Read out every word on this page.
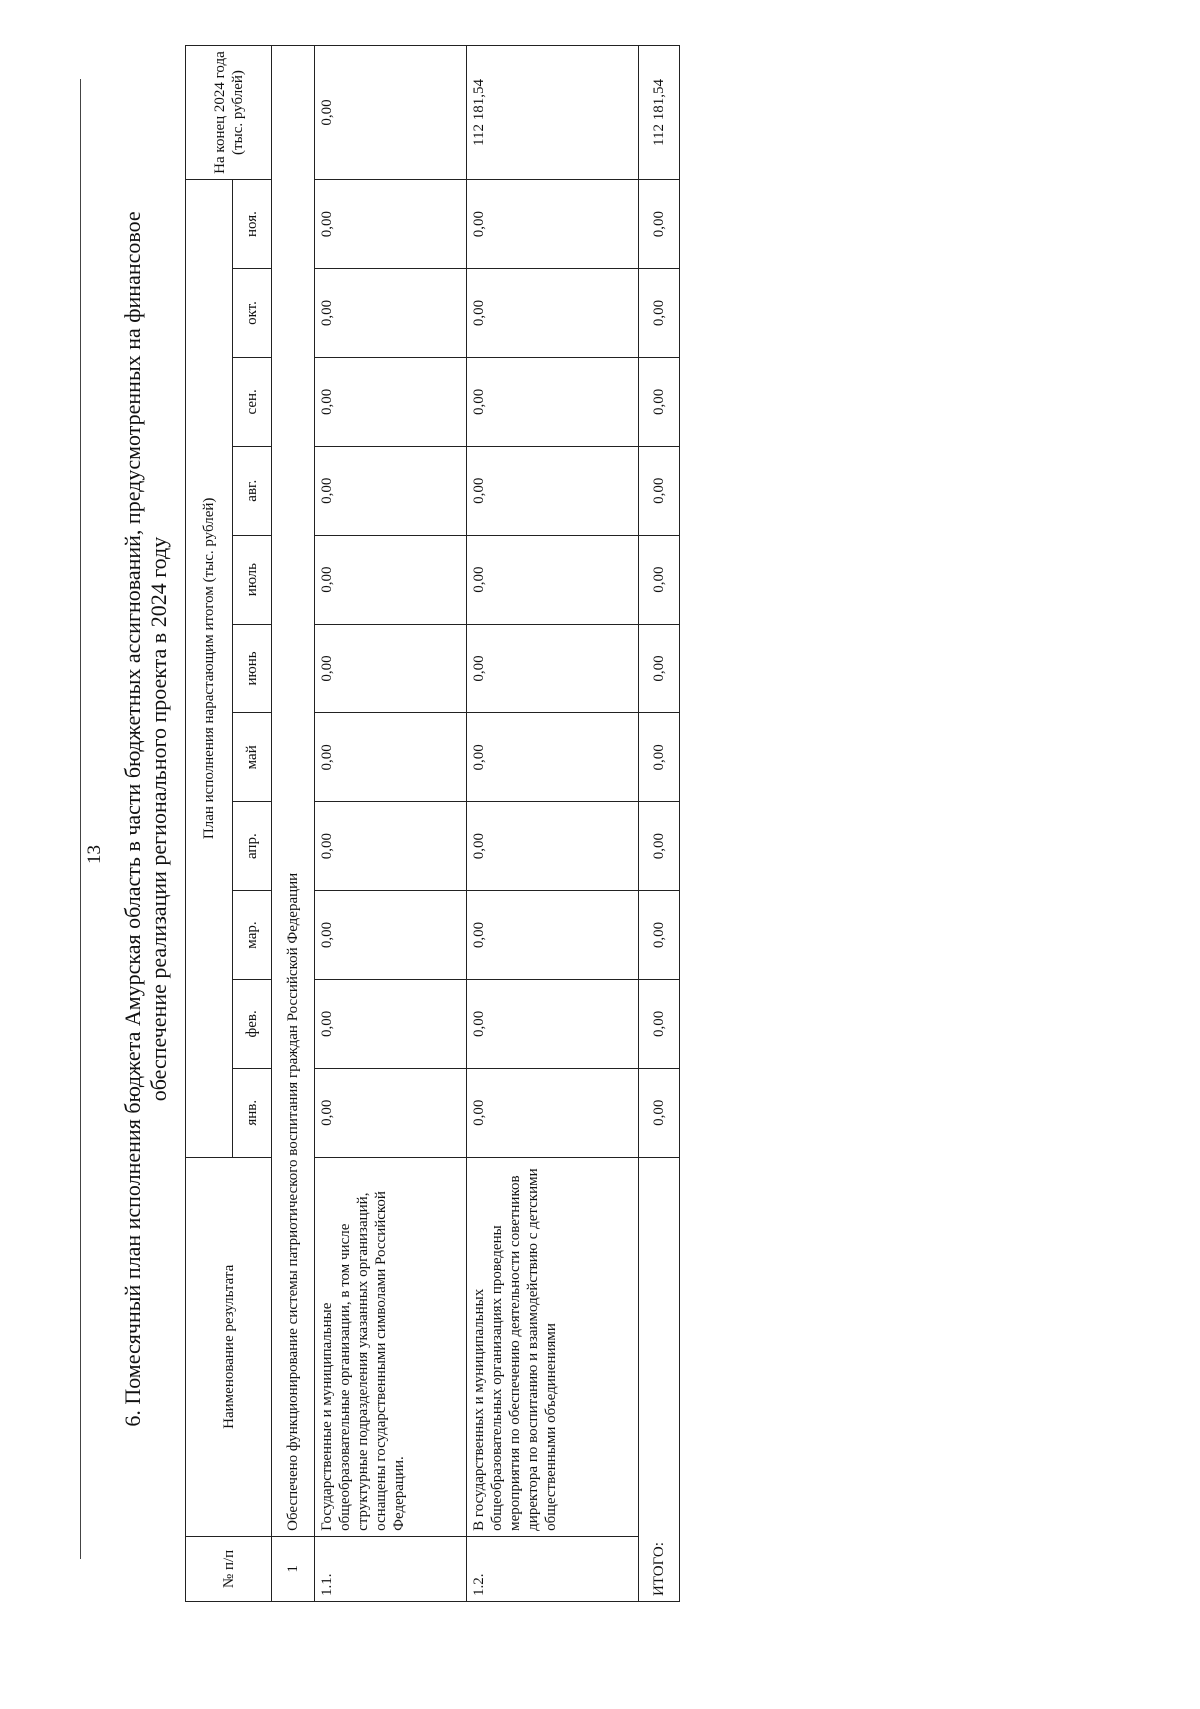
13 6. Помесячный план исполнения бюджета Амурская область в части бюджетных ассигнований, предусмотренных на финансовое обеспечение реализации регионального проекта в 2024 году
№ п/п	Наименование результата	План исполнения нарастающим итогом (тыс. рублей)											На конец 2024 года (тыс. рублей)
		янв.	фев.	мар.	апр.	май	июнь	июль	авг.	сен.	окт.	ноя.	
1	Обеспечено функционирование системы патриотического воспитания граждан Российской Федерации												
1.1.	Государственные и муниципальные общеобразовательные организации, в том числе структурные подразделения указанных организаций, оснащены государственными символами Российской Федерации.	0,00	0,00	0,00	0,00	0,00	0,00	0,00	0,00	0,00	0,00	0,00	0,00
1.2.	В государственных и муниципальных общеобразовательных организациях проведены мероприятия по обеспечению деятельности советников директора по воспитанию и взаимодействию с детскими общественными объединениями	0,00	0,00	0,00	0,00	0,00	0,00	0,00	0,00	0,00	0,00	0,00	112 181,54
ИТОГО:		0,00	0,00	0,00	0,00	0,00	0,00	0,00	0,00	0,00	0,00	0,00	112 181,54
